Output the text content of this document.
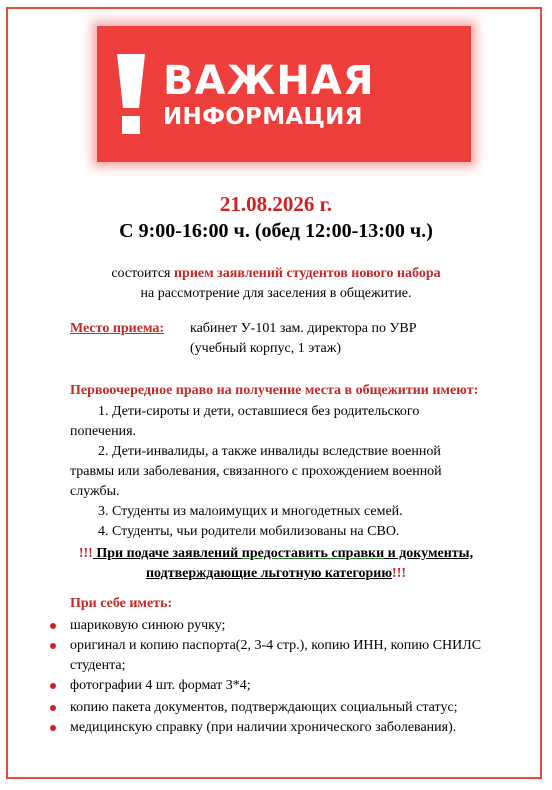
ВАЖНАЯ
ИНФОРМАЦИЯ
21.08.2026 г.
С 9:00-16:00 ч. (обед 12:00-13:00 ч.)
состоится прием заявлений студентов нового набора
на рассмотрение для заселения в общежитие.
Место приема: кабинет У-101 зам. директора по УВР
(учебный корпус, 1 этаж)
Первоочередное право на получение места в общежитии имеют:
1. Дети-сироты и дети, оставшиеся без родительского
попечения.
2. Дети-инвалиды, а также инвалиды вследствие военной
травмы или заболевания, связанного с прохождением военной
службы.
3. Студенты из малоимущих и многодетных семей.
4. Студенты, чьи родители мобилизованы на СВО.
!!! При подаче заявлений предоставить справки и документы,
подтверждающие льготную категорию!!!
При себе иметь:
шариковую синюю ручку;
оригинал и копию паспорта(2, 3-4 стр.), копию ИНН, копию СНИЛС студента;
фотографии 4 шт. формат 3*4;
копию пакета документов, подтверждающих социальный статус;
медицинскую справку (при наличии хронического заболевания).
